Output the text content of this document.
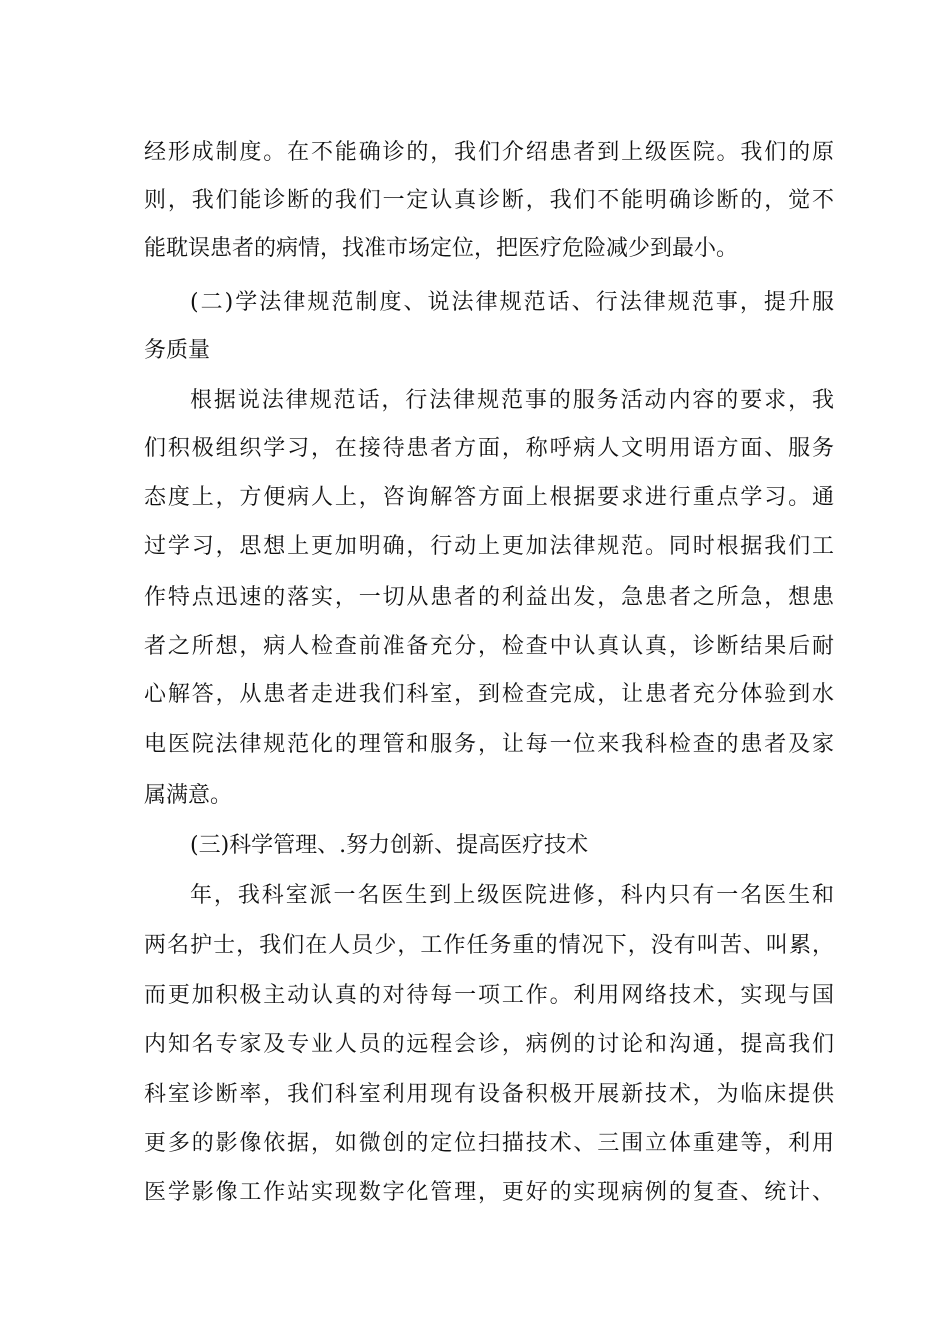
经形成制度。在不能确诊的，我们介绍患者到上级医院。我们的原
则，我们能诊断的我们一定认真诊断，我们不能明确诊断的，觉不
能耽误患者的病情，找准市场定位，把医疗危险减少到最小。
(二)学法律规范制度、说法律规范话、行法律规范事，提升服
务质量
根据说法律规范话，行法律规范事的服务活动内容的要求，我
们积极组织学习，在接待患者方面，称呼病人文明用语方面、服务
态度上，方便病人上，咨询解答方面上根据要求进行重点学习。通
过学习，思想上更加明确，行动上更加法律规范。同时根据我们工
作特点迅速的落实，一切从患者的利益出发，急患者之所急，想患
者之所想，病人检查前准备充分，检查中认真认真，诊断结果后耐
心解答，从患者走进我们科室，到检查完成，让患者充分体验到水
电医院法律规范化的理管和服务，让每一位来我科检查的患者及家
属满意。
(三)科学管理、.努力创新、提高医疗技术
年，我科室派一名医生到上级医院进修，科内只有一名医生和
两名护士，我们在人员少，工作任务重的情况下，没有叫苦、叫累，
而更加积极主动认真的对待每一项工作。利用网络技术，实现与国
内知名专家及专业人员的远程会诊，病例的讨论和沟通，提高我们
科室诊断率，我们科室利用现有设备积极开展新技术，为临床提供
更多的影像依据，如微创的定位扫描技术、三围立体重建等，利用
医学影像工作站实现数字化管理，更好的实现病例的复查、统计、
